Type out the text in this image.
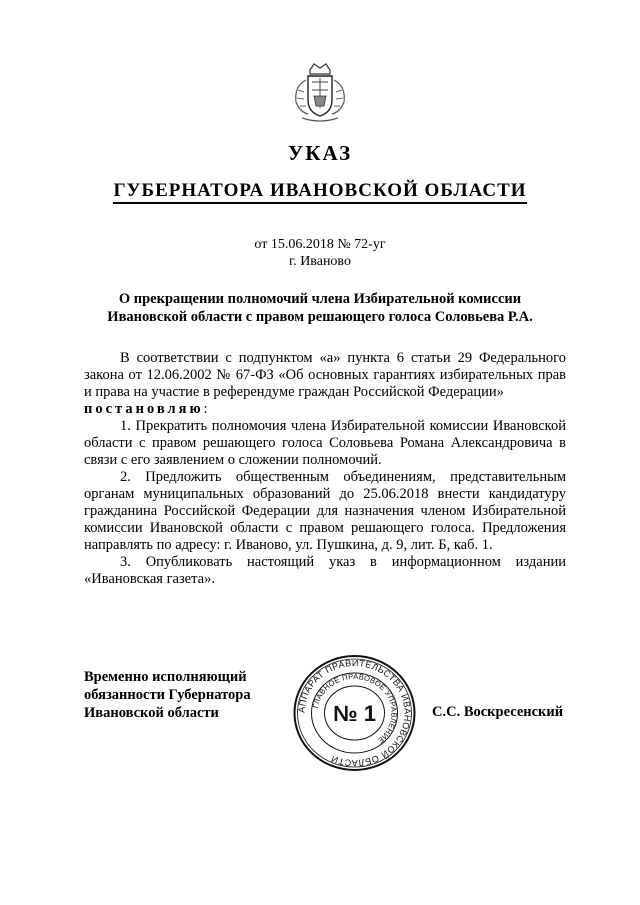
УКАЗ
ГУБЕРНАТОРА ИВАНОВСКОЙ ОБЛАСТИ
от 15.06.2018 № 72-уг
г. Иваново
О прекращении полномочий члена Избирательной комиссии
Ивановской области с правом решающего голоса Соловьева Р.А.

В соответствии с подпунктом «а» пункта 6 статьи 29 Федерального закона от 12.06.2002 № 67-ФЗ «Об основных гарантиях избирательных прав и права на участие в референдуме граждан Российской Федерации»

постановляю:

1. Прекратить полномочия члена Избирательной комиссии Ивановской области с правом решающего голоса Соловьева Романа Александровича в связи с его заявлением о сложении полномочий.

2. Предложить общественным объединениям, представительным органам муниципальных образований до 25.06.2018 внести кандидатуру гражданина Российской Федерации для назначения членом Избирательной комиссии Ивановской области с правом решающего голоса. Предложения направлять по адресу: г. Иваново, ул. Пушкина, д. 9, лит. Б, каб. 1.

3. Опубликовать настоящий указ в информационном издании «Ивановская газета».

Временно исполняющий
обязанности Губернатора
Ивановской области	АППАРАТ ПРАВИТЕЛЬСТВА ИВАНОВСКОЙ ОБЛАСТИ
ГЛАВНОЕ ПРАВОВОЕ УПРАВЛЕНИЕ
№ 1	С.С. Воскресенский
